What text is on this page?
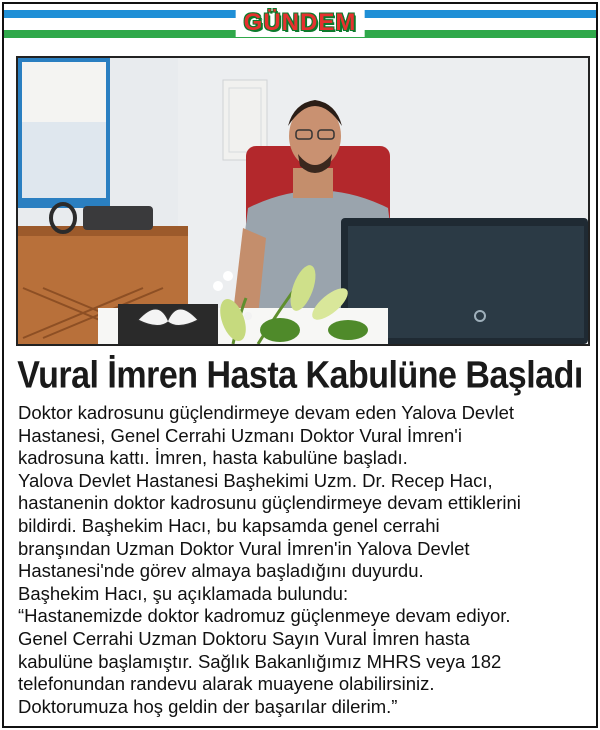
GÜNDEM
Vural İmren Hasta Kabulüne Başladı

Doktor kadrosunu güçlendirmeye devam eden Yalova Devlet

Hastanesi, Genel Cerrahi Uzmanı Doktor Vural İmren'i

kadrosuna kattı. İmren, hasta kabulüne başladı.

Yalova Devlet Hastanesi Başhekimi Uzm. Dr. Recep Hacı,

hastanenin doktor kadrosunu güçlendirmeye devam ettiklerini

bildirdi. Başhekim Hacı, bu kapsamda genel cerrahi

branşından Uzman Doktor Vural İmren'in Yalova Devlet

Hastanesi'nde görev almaya başladığını duyurdu.

Başhekim Hacı, şu açıklamada bulundu:

“Hastanemizde doktor kadromuz güçlenmeye devam ediyor.

Genel Cerrahi Uzman Doktoru Sayın Vural İmren hasta

kabulüne başlamıştır. Sağlık Bakanlığımız MHRS veya 182

telefonundan randevu alarak muayene olabilirsiniz.

Doktorumuza hoş geldin der başarılar dilerim.”
